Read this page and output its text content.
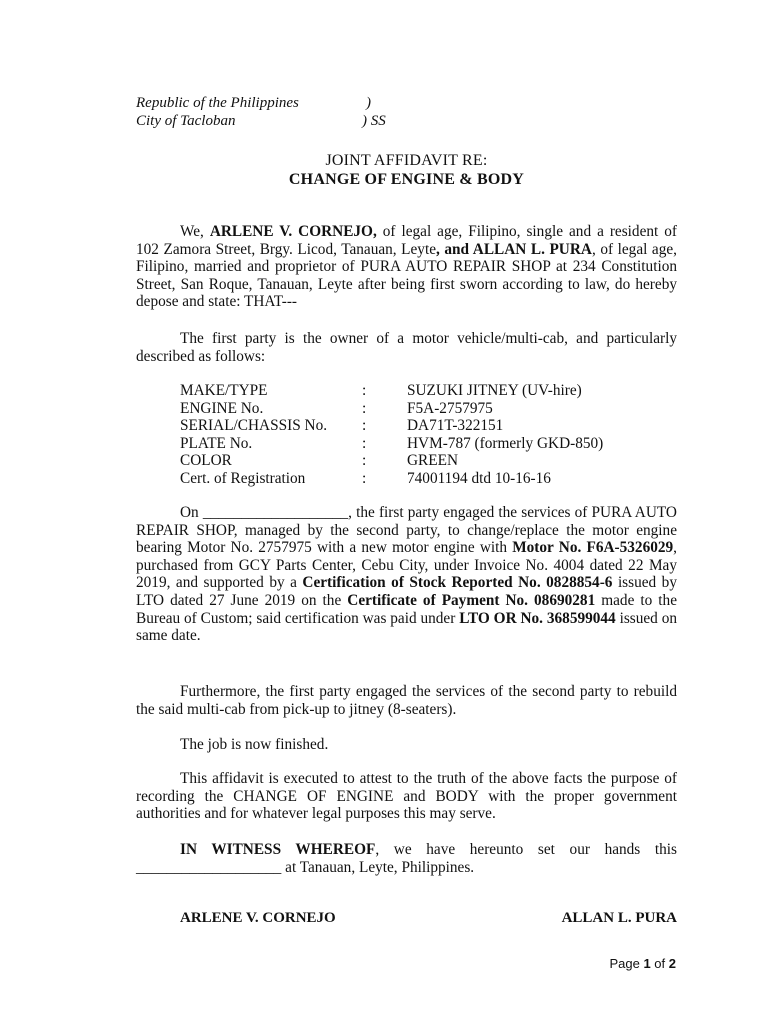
Republic of the Philippines	)
City of Tacloban	) SS
JOINT AFFIDAVIT RE:
CHANGE OF ENGINE & BODY
We, ARLENE V. CORNEJO, of legal age, Filipino, single and a resident of 102 Zamora Street, Brgy. Licod, Tanauan, Leyte, and ALLAN L. PURA, of legal age, Filipino, married and proprietor of PURA AUTO REPAIR SHOP at 234 Constitution Street, San Roque, Tanauan, Leyte after being first sworn according to law, do hereby depose and state: THAT---
The first party is the owner of a motor vehicle/multi-cab, and particularly described as follows:
MAKE/TYPE	:	SUZUKI JITNEY (UV-hire)
ENGINE No.	:	F5A-2757975
SERIAL/CHASSIS No. :	DA71T-322151
PLATE No.	:	HVM-787 (formerly GKD-850)
COLOR	:	GREEN
Cert. of Registration	:	74001194 dtd 10-16-16
On ___________________, the first party engaged the services of PURA AUTO REPAIR SHOP, managed by the second party, to change/replace the motor engine bearing Motor No. 2757975 with a new motor engine with Motor No. F6A-5326029, purchased from GCY Parts Center, Cebu City, under Invoice No. 4004 dated 22 May 2019, and supported by a Certification of Stock Reported No. 0828854-6 issued by LTO dated 27 June 2019 on the Certificate of Payment No. 08690281 made to the Bureau of Custom; said certification was paid under LTO OR No. 368599044 issued on same date.
Furthermore, the first party engaged the services of the second party to rebuild the said multi-cab from pick-up to jitney (8-seaters).
The job is now finished.
This affidavit is executed to attest to the truth of the above facts the purpose of recording the CHANGE OF ENGINE and BODY with the proper government authorities and for whatever legal purposes this may serve.
IN WITNESS WHEREOF, we have hereunto set our hands this ___________________ at Tanauan, Leyte, Philippines.
ARLENE V. CORNEJO	ALLAN L. PURA
Page 1 of 2
